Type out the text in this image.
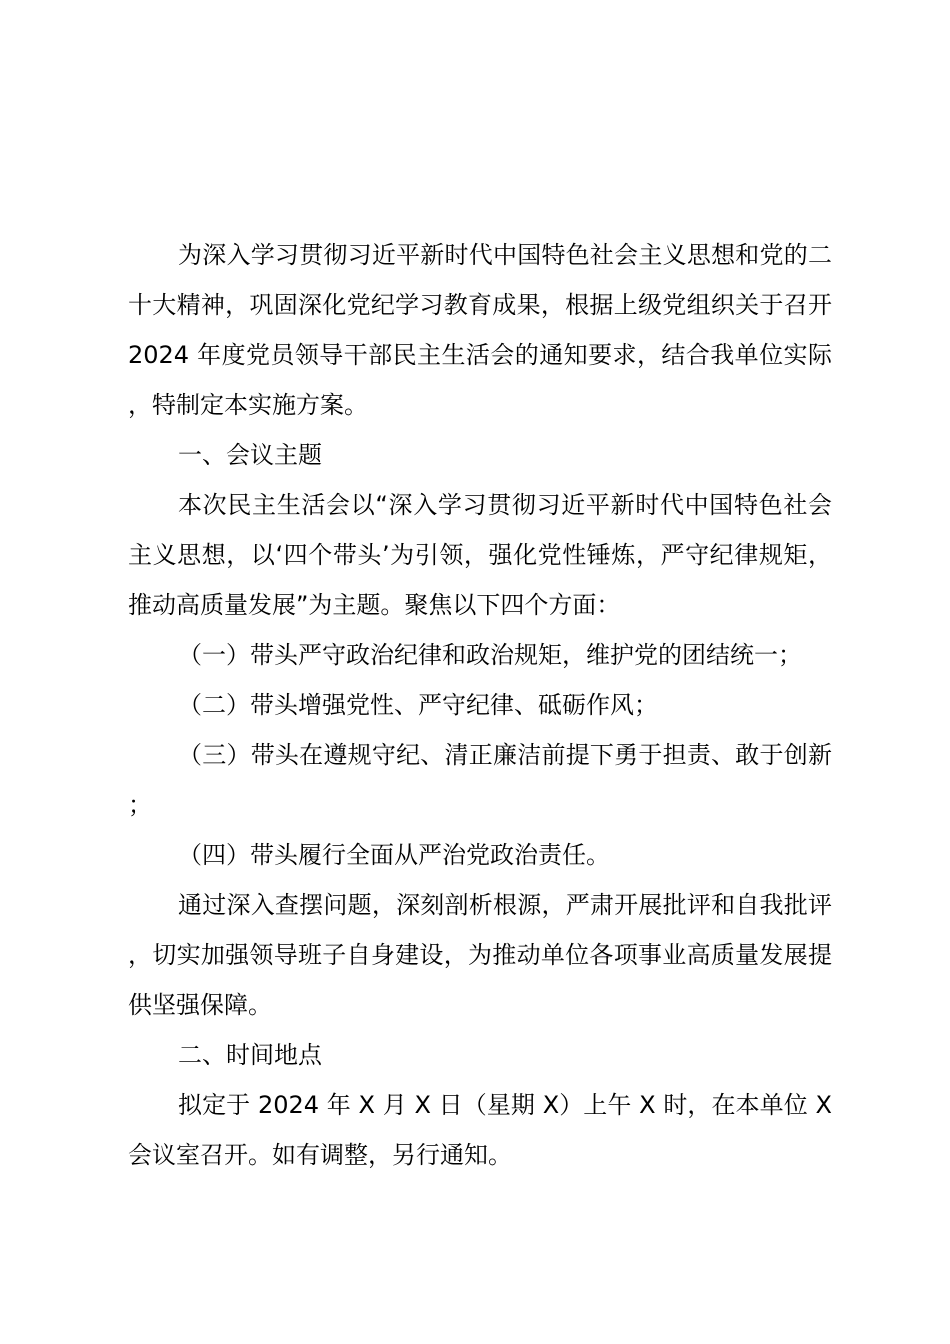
为深入学习贯彻习近平新时代中国特色社会主义思想和党的二十大精神，巩固深化党纪学习教育成果，根据上级党组织关于召开 2024 年度党员领导干部民主生活会的通知要求，结合我单位实际，特制定本实施方案。

一、会议主题

本次民主生活会以“深入学习贯彻习近平新时代中国特色社会主义思想，以‘四个带头’为引领，强化党性锤炼，严守纪律规矩，推动高质量发展”为主题。聚焦以下四个方面：

（一）带头严守政治纪律和政治规矩，维护党的团结统一；

（二）带头增强党性、严守纪律、砥砺作风；

（三）带头在遵规守纪、清正廉洁前提下勇于担责、敢于创新；

（四）带头履行全面从严治党政治责任。

通过深入查摆问题，深刻剖析根源，严肃开展批评和自我批评，切实加强领导班子自身建设，为推动单位各项事业高质量发展提供坚强保障。

二、时间地点

拟定于 2024 年 X 月 X 日（星期 X）上午 X 时，在本单位 X 会议室召开。如有调整，另行通知。
